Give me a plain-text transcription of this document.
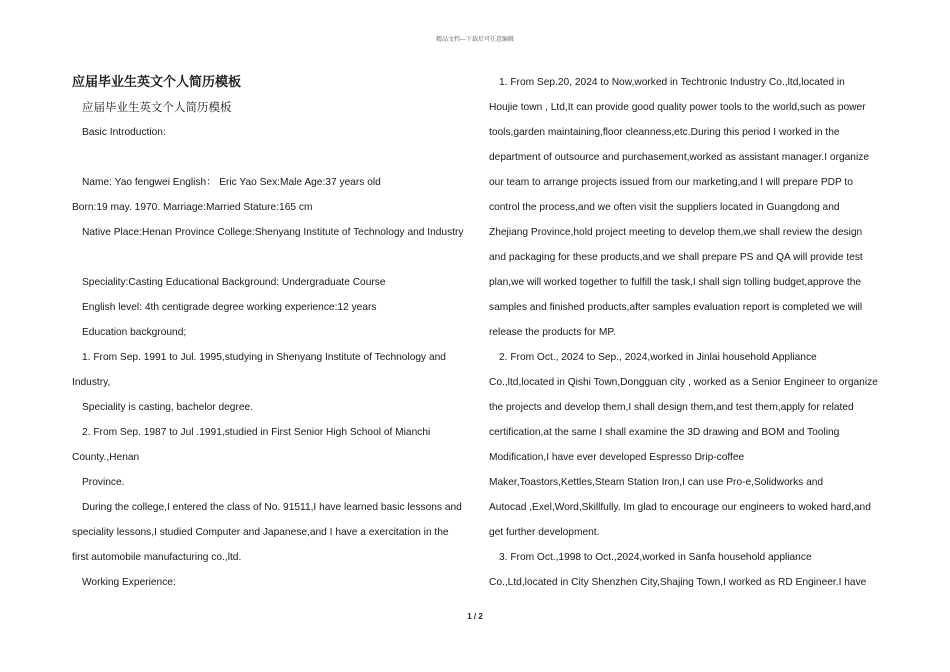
精品文档---下载后可任意编辑
应届毕业生英文个人简历模板
应届毕业生英文个人简历模板
Basic Introduction:
Name: Yao fengwei English： Eric Yao Sex:Male Age:37 years old
Born:19 may. 1970. Marriage:Married Stature:165 cm
Native Place:Henan Province College:Shenyang Institute of Technology and Industry
Speciality:Casting Educational Background: Undergraduate Course
English level: 4th centigrade degree working experience:12 years
Education background;
1. From Sep. 1991 to Jul. 1995,studying in Shenyang Institute of Technology and
Industry,
Speciality is casting, bachelor degree.
2. From Sep. 1987 to Jul .1991,studied in First Senior High School of Mianchi
County.,Henan
Province.
During the college,I entered the class of No. 91511,I have learned basic lessons and
speciality lessons,I studied Computer and Japanese,and I have a exercitation in the
first automobile manufacturing co.,ltd.
Working Experience:
1. From Sep.20, 2024 to Now,worked in Techtronic Industry Co.,ltd,located in
Houjie town , Ltd,It can provide good quality power tools to the world,such as power
tools,garden maintaining,floor cleanness,etc.During this period I worked in the
department of outsource and purchasement,worked as assistant manager.I organize
our team to arrange projects issued from our marketing,and I will prepare PDP to
control the process,and we often visit the suppliers located in Guangdong and
Zhejiang Province,hold project meeting to develop them,we shall review the design
and packaging for these products,and we shall prepare PS and QA will provide test
plan,we will worked together to fulfill the task,I shall sign tolling budget,approve the
samples and finished products,after samples evaluation report is completed we will
release the products for MP.
2. From Oct., 2024 to Sep., 2024,worked in Jinlai household Appliance
Co.,ltd,located in Qishi Town,Dongguan city , worked as a Senior Engineer to organize
the projects and develop them,I shall design them,and test them,apply for related
certification,at the same I shall examine the 3D drawing and BOM and Tooling
Modification,I have ever developed Espresso Drip-coffee
Maker,Toastors,Kettles,Steam Station Iron,I can use Pro-e,Solidworks and
Autocad ,Exel,Word,Skillfully. Im glad to encourage our engineers to woked hard,and
get further development.
3. From Oct.,1998 to Oct.,2024,worked in Sanfa household appliance
Co.,Ltd,located in City Shenzhen City,Shajing Town,I worked as RD Engineer.I have
1 / 2
